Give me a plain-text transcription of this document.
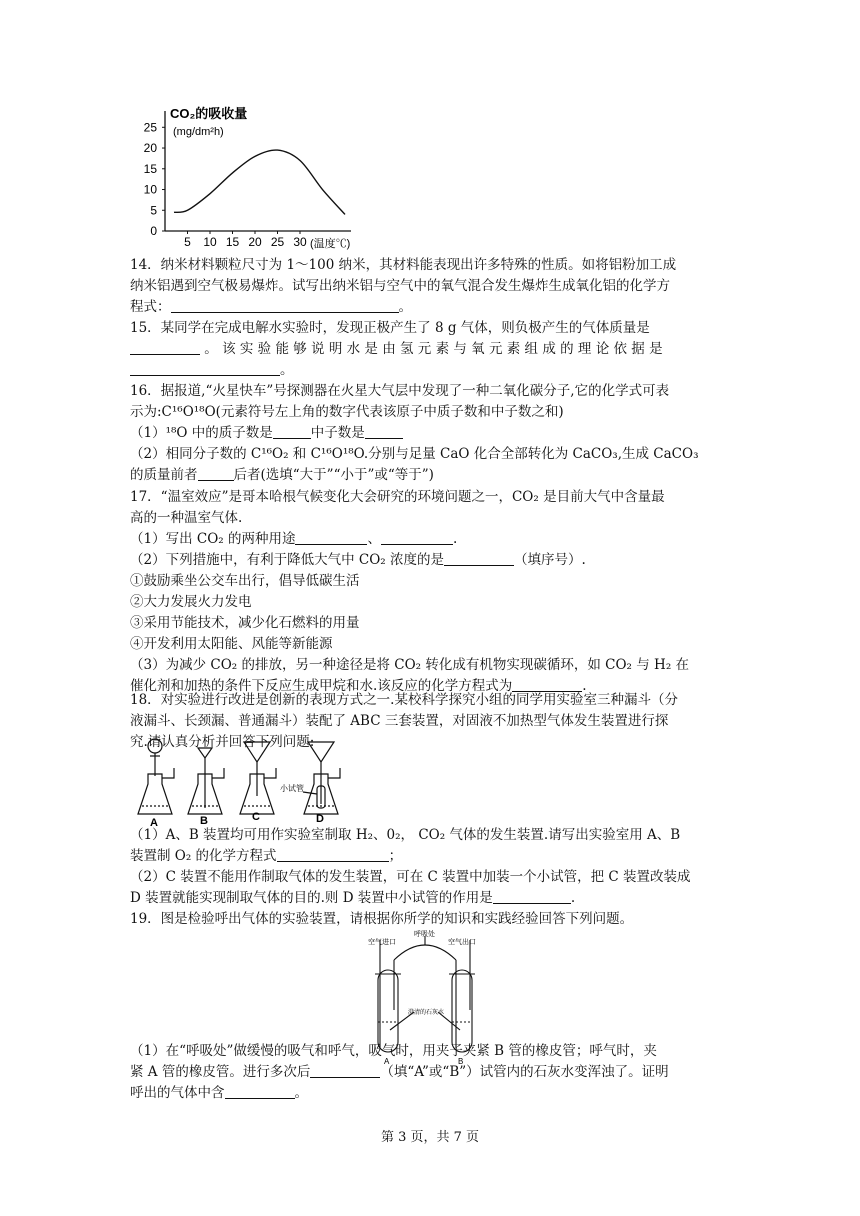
0
5
10
15
20
25
5 10 15 20 25 30
CO₂的吸收量
(mg/dm²h)
(温度℃)

14．纳米材料颗粒尺寸为 1～100 纳米，其材料能表现出许多特殊的性质。如将铝粉加工成

纳米铝遇到空气极易爆炸。试写出纳米铝与空气中的氧气混合发生爆炸生成氧化铝的化学方

程式：	。

15．某同学在完成电解水实验时，发现正极产生了 8 g 气体，则负极产生的气体质量是

。 该 实 验 能 够 说 明 水 是 由 氢 元 素 与 氧 元 素 组 成 的 理 论 依 据 是

。

16．据报道,“火星快车”号探测器在火星大气层中发现了一种二氧化碳分子,它的化学式可表

示为:C¹⁶O¹⁸O(元素符号左上角的数字代表该原子中质子数和中子数之和)

（1）¹⁸O 中的质子数是	中子数是

（2）相同分子数的 C¹⁶O₂ 和 C¹⁶O¹⁸O.分别与足量 CaO 化合全部转化为 CaCO₃,生成 CaCO₃

的质量前者	后者(选填“大于”“小于”或“等于”)

17．“温室效应”是哥本哈根气候变化大会研究的环境问题之一，CO₂ 是目前大气中含量最

高的一种温室气体.

（1）写出 CO₂ 的两种用途	、	.

（2）下列措施中，有利于降低大气中 CO₂ 浓度的是	（填序号）.

①鼓励乘坐公交车出行，倡导低碳生活

②大力发展火力发电

③采用节能技术，减少化石燃料的用量

④开发利用太阳能、风能等新能源

（3）为减少 CO₂ 的排放，另一种途径是将 CO₂ 转化成有机物实现碳循环，如 CO₂ 与 H₂ 在

催化剂和加热的条件下反应生成甲烷和水.该反应的化学方程式为	.

18．对实验进行改进是创新的表现方式之一.某校科学探究小组的同学用实验室三种漏斗（分

液漏斗、长颈漏、普通漏斗）装配了 ABC 三套装置，对固液不加热型气体发生装置进行探

究.请认真分析并回答下列问题:

小试管
A	B	C	D

（1）A、B 装置均可用作实验室制取 H₂、0₂， CO₂ 气体的发生装置.请写出实验室用 A、B

装置制 O₂ 的化学方程式	；

（2）C 装置不能用作制取气体的发生装置，可在 C 装置中加装一个小试管，把 C 装置改装成

D 装置就能实现制取气体的目的.则 D 装置中小试管的作用是	.

19．图是检验呼出气体的实验装置，请根据你所学的知识和实践经验回答下列问题。

空气进口
呼吸处
空气出口
澄清的石灰水
A	B

（1）在“呼吸处”做缓慢的吸气和呼气，吸气时，用夹子夹紧 B 管的橡皮管；呼气时，夹

紧 A 管的橡皮管。进行多次后	（填“A”或“B”）试管内的石灰水变浑浊了。证明

呼出的气体中含	。

第 3 页，共 7 页
